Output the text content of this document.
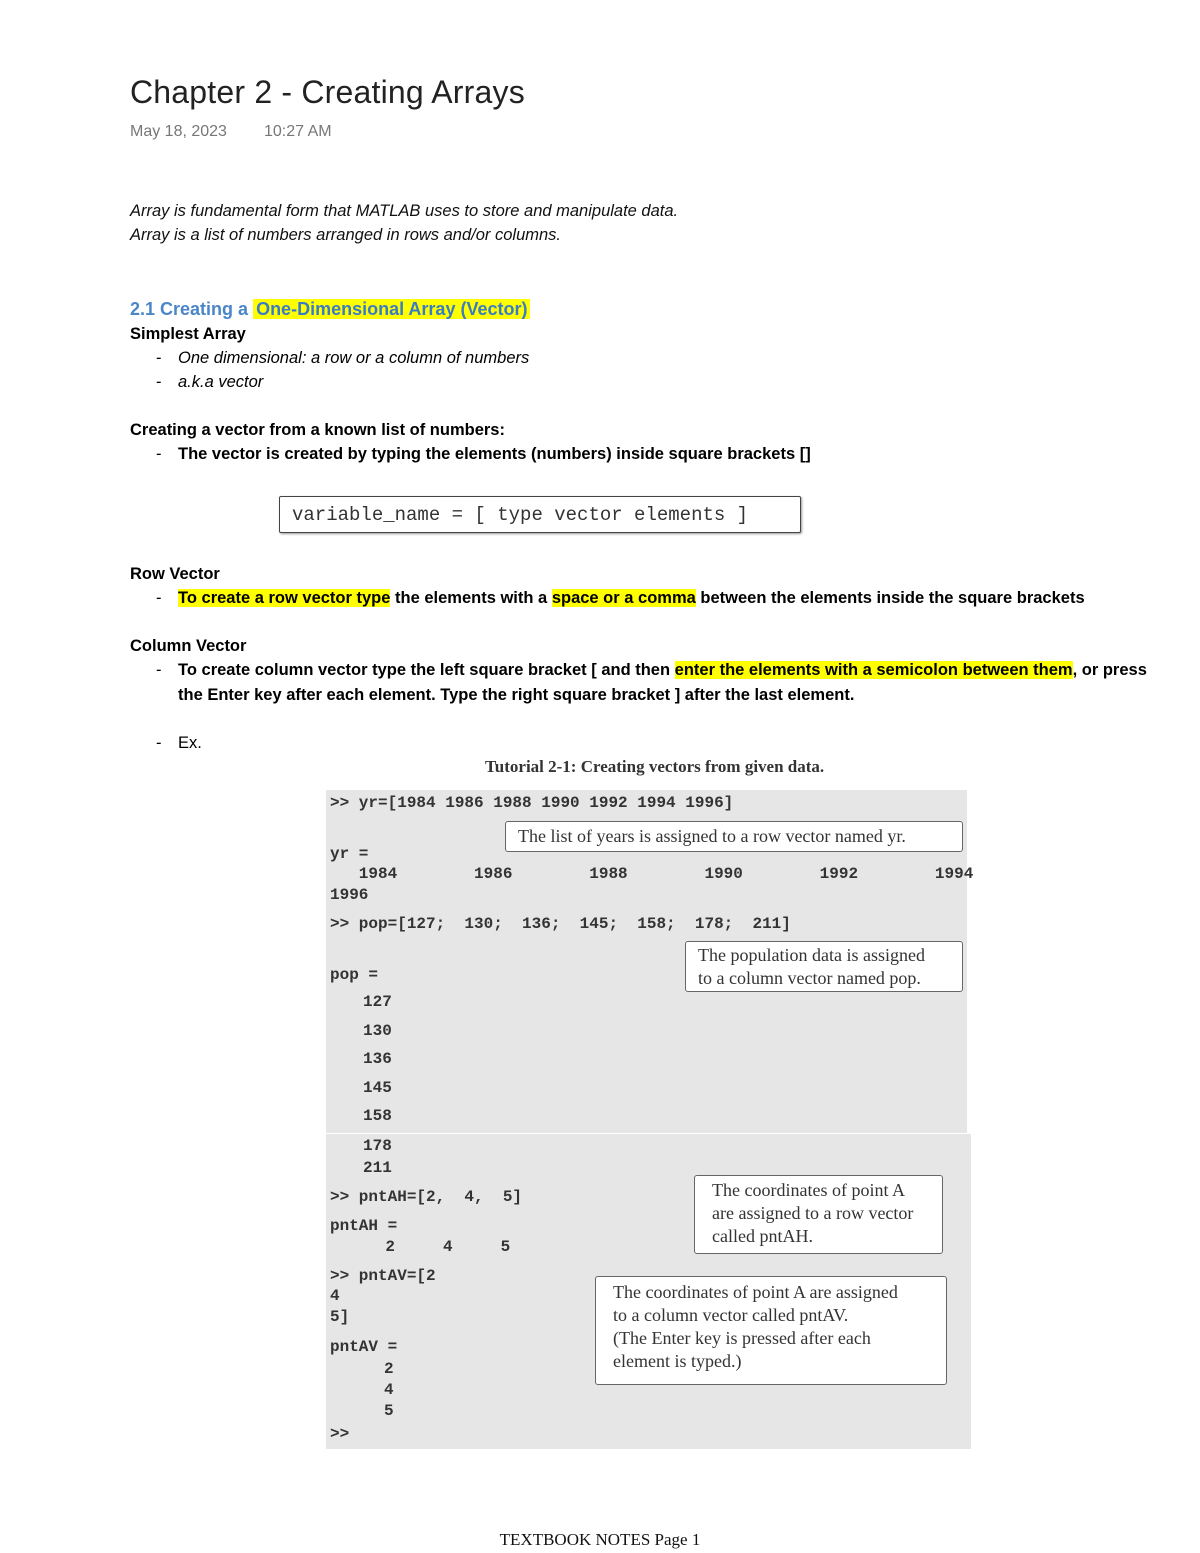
Chapter 2 - Creating Arrays
May 18, 2023 10:27 AM
Array is fundamental form that MATLAB uses to store and manipulate data.
Array is a list of numbers arranged in rows and/or columns.
2.1 Creating a One-Dimensional Array (Vector)
Simplest Array
- One dimensional: a row or a column of numbers
- a.k.a vector
Creating a vector from a known list of numbers:
- The vector is created by typing the elements (numbers) inside square brackets []
variable_name = [ type vector elements ]
Row Vector
- To create a row vector type the elements with a space or a comma between the elements inside the square brackets
Column Vector
- To create column vector type the left square bracket [ and then enter the elements with a semicolon between them, or press
the Enter key after each element. Type the right square bracket ] after the last element.
- Ex.
Tutorial 2-1: Creating vectors from given data.
>> yr=[1984 1986 1988 1990 1992 1994 1996]
The list of years is assigned to a row vector named yr.
yr =
1984        1986        1988        1990        1992        1994
1996
>> pop=[127;  130;  136;  145;  158;  178;  211]
The population data is assigned
to a column vector named pop.
pop =
127
130
136
145
158
178
211
>> pntAH=[2,  4,  5]	The coordinates of point A
are assigned to a row vector
called pntAH.
pntAH =
2     4     5
>> pntAV=[2
4
5]
The coordinates of point A are assigned
to a column vector called pntAV.
(The Enter key is pressed after each
element is typed.)
pntAV =
2
4
5
>>
TEXTBOOK NOTES Page 1
